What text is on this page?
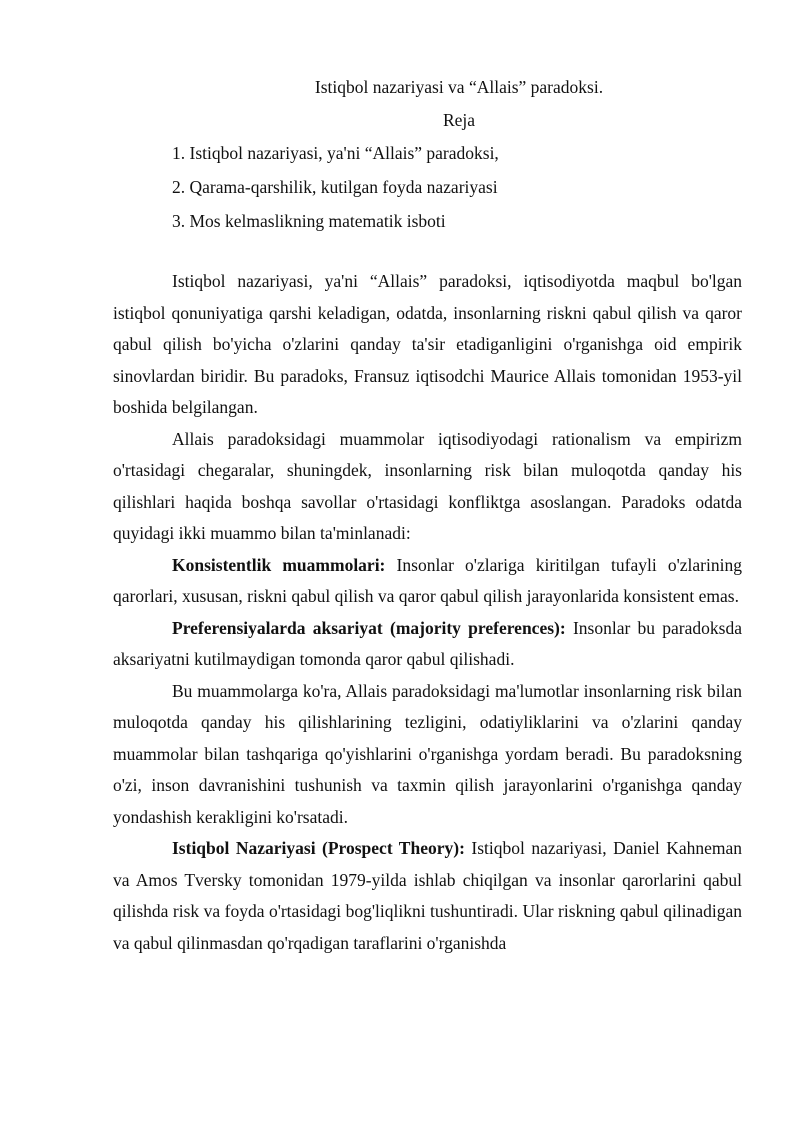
Istiqbol nazariyasi va “Allais” paradoksi.
Reja
1. Istiqbol nazariyasi, ya'ni “Allais” paradoksi,
2. Qarama-qarshilik, kutilgan foyda nazariyasi
3. Mos kelmaslikning matematik isboti

Istiqbol nazariyasi, ya'ni “Allais” paradoksi, iqtisodiyotda maqbul bo'lgan istiqbol qonuniyatiga qarshi keladigan, odatda, insonlarning riskni qabul qilish va qaror qabul qilish bo'yicha o'zlarini qanday ta'sir etadiganligini o'rganishga oid empirik sinovlardan biridir. Bu paradoks, Fransuz iqtisodchi Maurice Allais tomonidan 1953-yil boshida belgilangan.

Allais paradoksidagi muammolar iqtisodiyodagi rationalism va empirizm o'rtasidagi chegaralar, shuningdek, insonlarning risk bilan muloqotda qanday his qilishlari haqida boshqa savollar o'rtasidagi konfliktga asoslangan. Paradoks odatda quyidagi ikki muammo bilan ta'minlanadi:

Konsistentlik muammolari: Insonlar o'zlariga kiritilgan tufayli o'zlarining qarorlari, xususan, riskni qabul qilish va qaror qabul qilish jarayonlarida konsistent emas.

Preferensiyalarda aksariyat (majority preferences): Insonlar bu paradoksda aksariyatni kutilmaydigan tomonda qaror qabul qilishadi.

Bu muammolarga ko'ra, Allais paradoksidagi ma'lumotlar insonlarning risk bilan muloqotda qanday his qilishlarining tezligini, odatiyliklarini va o'zlarini qanday muammolar bilan tashqariga qo'yishlarini o'rganishga yordam beradi. Bu paradoksning o'zi, inson davranishini tushunish va taxmin qilish jarayonlarini o'rganishga qanday yondashish kerakligini ko'rsatadi.

Istiqbol Nazariyasi (Prospect Theory): Istiqbol nazariyasi, Daniel Kahneman va Amos Tversky tomonidan 1979-yilda ishlab chiqilgan va insonlar qarorlarini qabul qilishda risk va foyda o'rtasidagi bog'liqlikni tushuntiradi. Ular riskning qabul qilinadigan va qabul qilinmasdan qo'rqadigan taraflarini o'rganishda
